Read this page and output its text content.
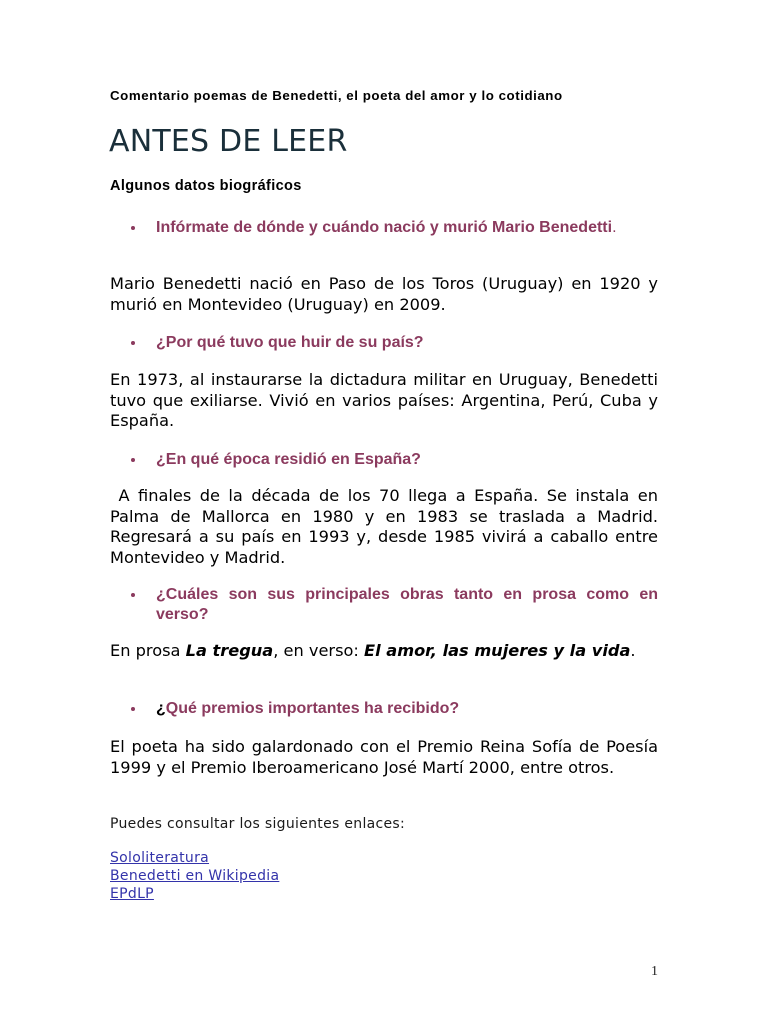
Comentario poemas de Benedetti, el poeta del amor y lo cotidiano
ANTES DE LEER
Algunos datos biográficos
Infórmate de dónde y cuándo nació y murió Mario Benedetti.
Mario Benedetti nació en Paso de los Toros (Uruguay) en 1920 y murió en Montevideo (Uruguay) en 2009.
¿Por qué tuvo que huir de su país?
En 1973, al instaurarse la dictadura militar en Uruguay, Benedetti tuvo que exiliarse. Vivió en varios países: Argentina, Perú, Cuba y España.
¿En qué época residió en España?
A finales de la década de los 70 llega a España. Se instala en Palma de Mallorca en 1980 y en 1983 se traslada a Madrid. Regresará a su país en 1993 y, desde 1985 vivirá a caballo entre Montevideo y Madrid.
¿Cuáles son sus principales obras tanto en prosa como en verso?
En prosa La tregua, en verso: El amor, las mujeres y la vida.
¿Qué premios importantes ha recibido?
El poeta ha sido galardonado con el Premio Reina Sofía de Poesía 1999 y el Premio Iberoamericano José Martí 2000, entre otros.
Puedes consultar los siguientes enlaces:
Sololiteratura
Benedetti en Wikipedia
EPdLP
1
